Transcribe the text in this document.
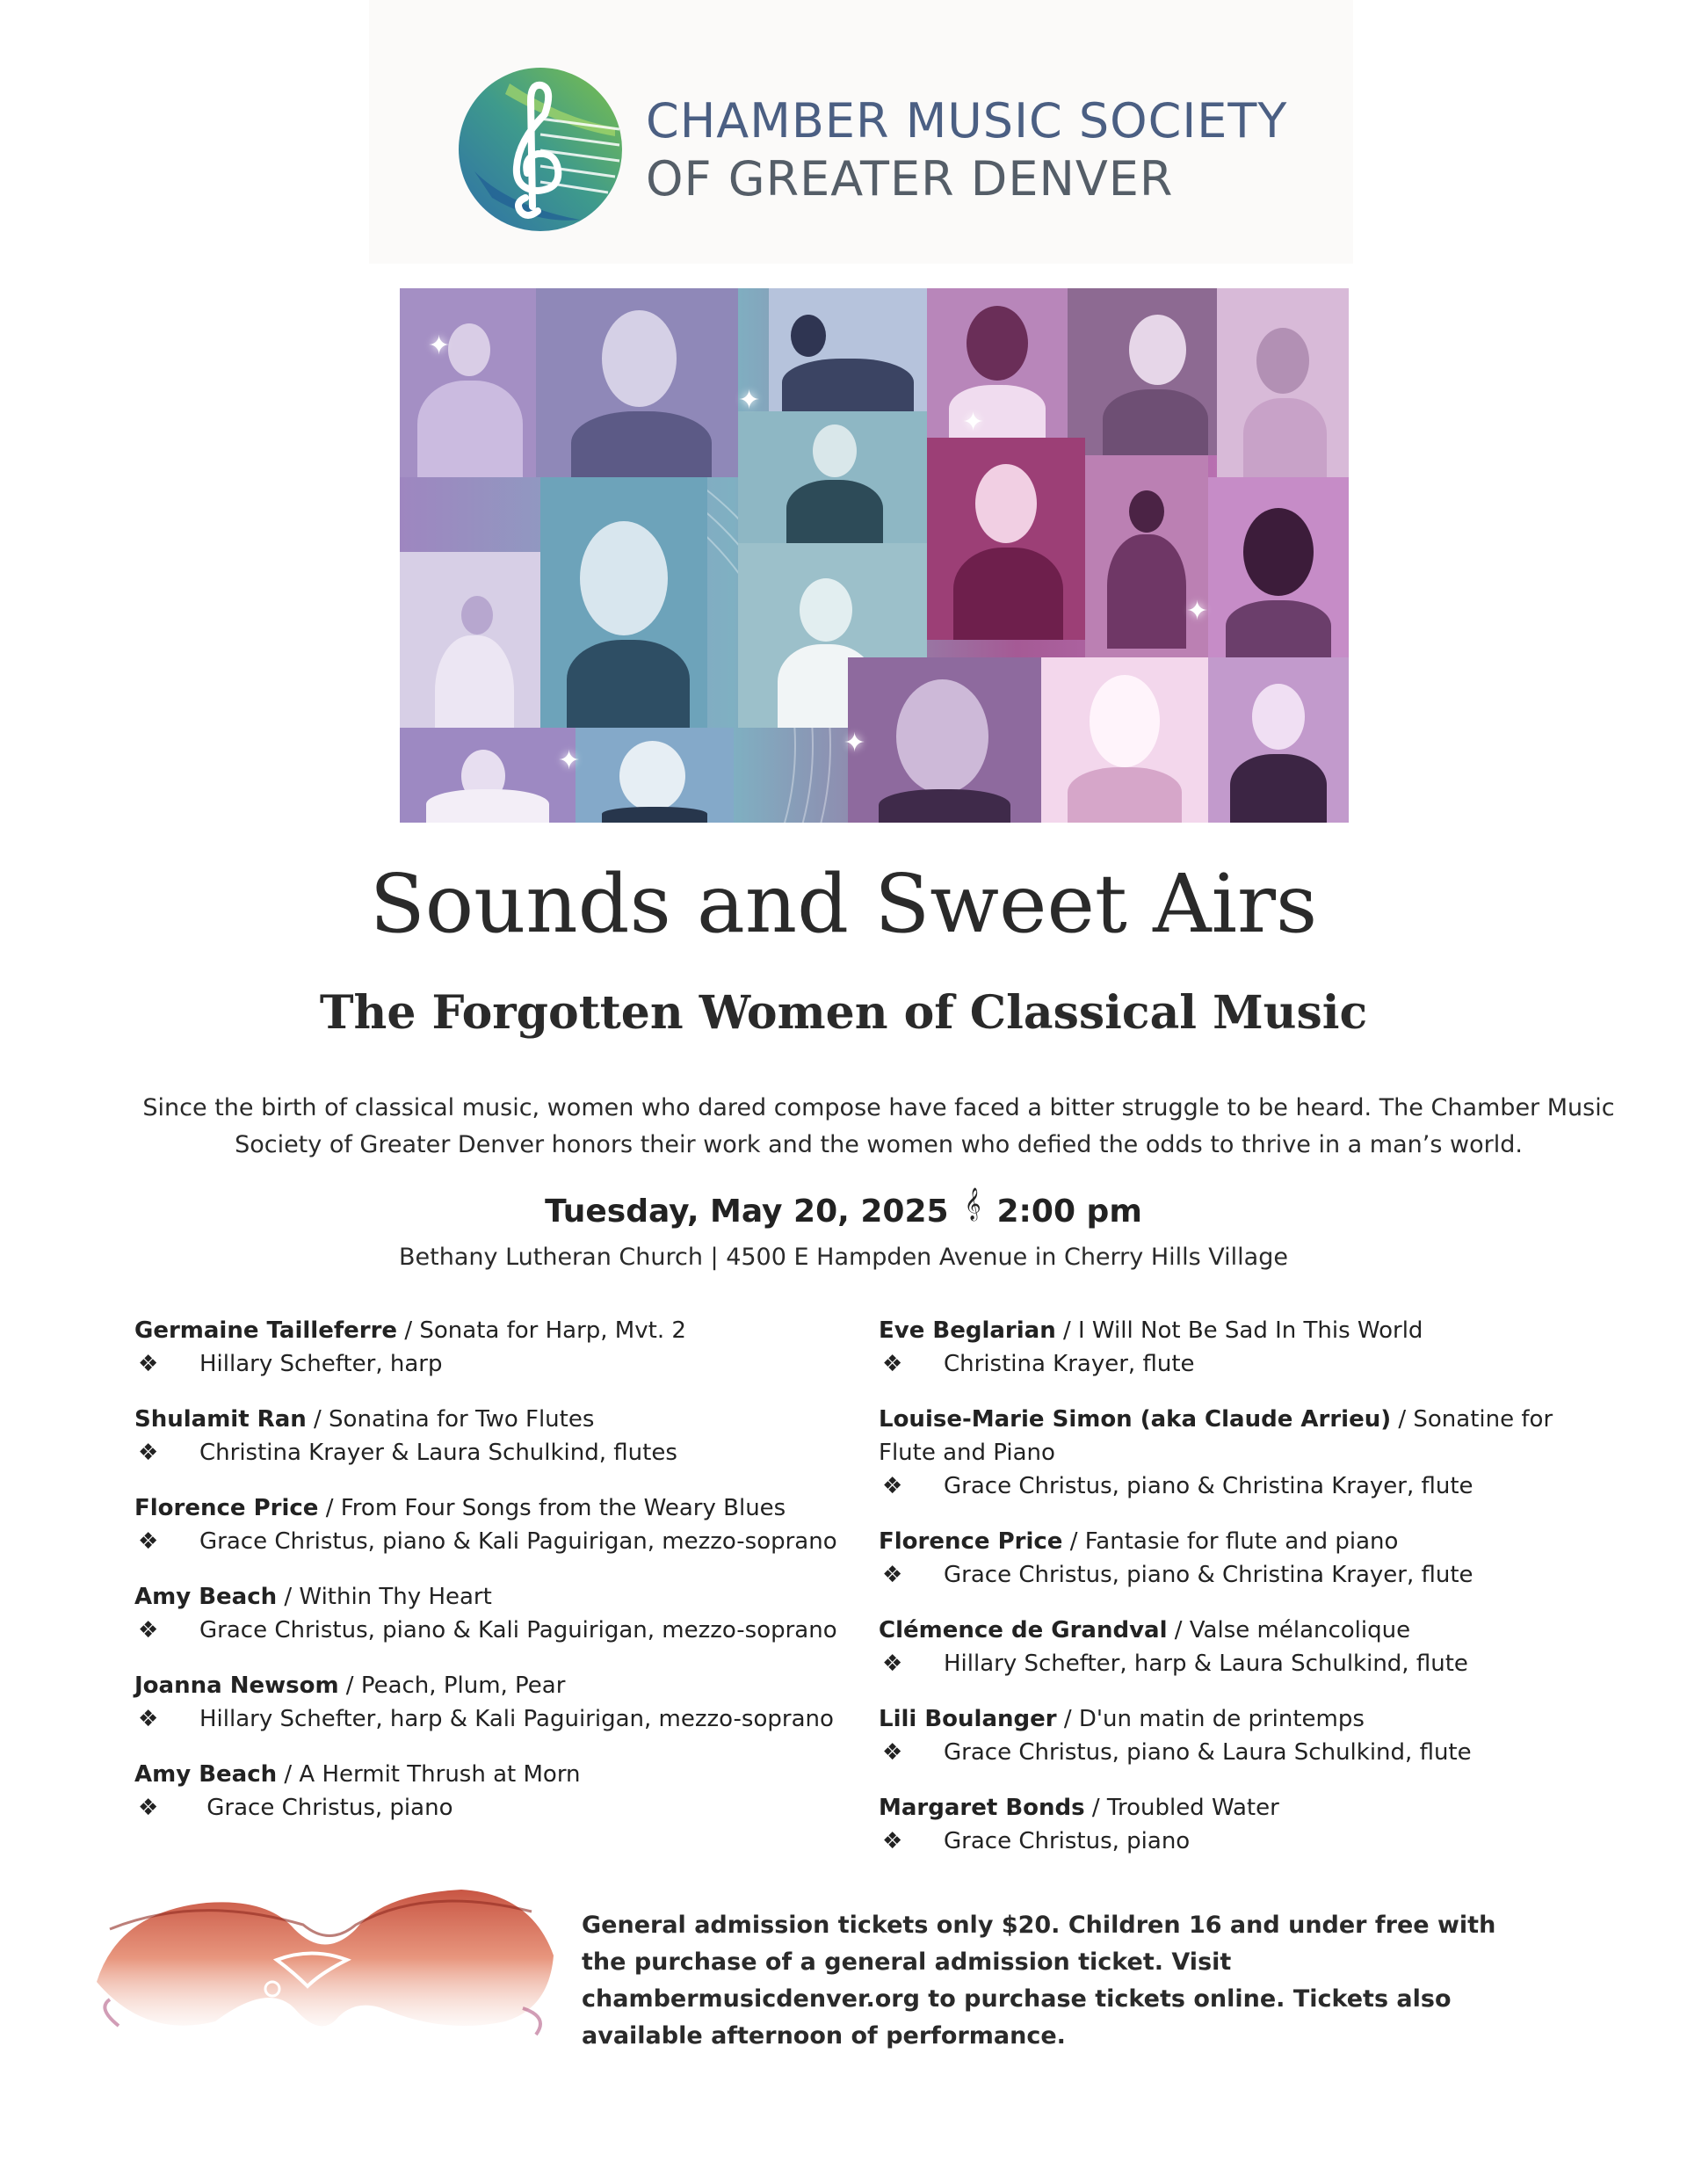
CHAMBER MUSIC SOCIETY
OF GREATER DENVER
✦
✦
✦
✦
✦
✦
Sounds and Sweet Airs
The Forgotten Women of Classical Music
Since the birth of classical music, women who dared compose have faced a bitter struggle to be heard. The Chamber Music Society of Greater Denver honors their work and the women who defied the odds to thrive in a man’s world.
Tuesday, May 20, 2025 𝄞 2:00 pm
Bethany Lutheran Church | 4500 E Hampden Avenue in Cherry Hills Village
Germaine Tailleferre / Sonata for Harp, Mvt. 2
❖	Hillary Schefter, harp
Shulamit Ran / Sonatina for Two Flutes
❖	Christina Krayer & Laura Schulkind, flutes
Florence Price / From Four Songs from the Weary Blues
❖	Grace Christus, piano & Kali Paguirigan, mezzo-soprano
Amy Beach / Within Thy Heart
❖	Grace Christus, piano & Kali Paguirigan, mezzo-soprano
Joanna Newsom / Peach, Plum, Pear
❖	Hillary Schefter, harp & Kali Paguirigan, mezzo-soprano
Amy Beach / A Hermit Thrush at Morn
❖	Grace Christus, piano
Eve Beglarian / I Will Not Be Sad In This World
❖	Christina Krayer, flute
Louise-Marie Simon (aka Claude Arrieu) / Sonatine for Flute and Piano
❖	Grace Christus, piano & Christina Krayer, flute
Florence Price / Fantasie for flute and piano
❖	Grace Christus, piano & Christina Krayer, flute
Clémence de Grandval / Valse mélancolique
❖	Hillary Schefter, harp & Laura Schulkind, flute
Lili Boulanger / D'un matin de printemps
❖	Grace Christus, piano & Laura Schulkind, flute
Margaret Bonds / Troubled Water
❖	Grace Christus, piano
General admission tickets only $20. Children 16 and under free with the purchase of a general admission ticket. Visit chambermusicdenver.org to purchase tickets online. Tickets also available afternoon of performance.
